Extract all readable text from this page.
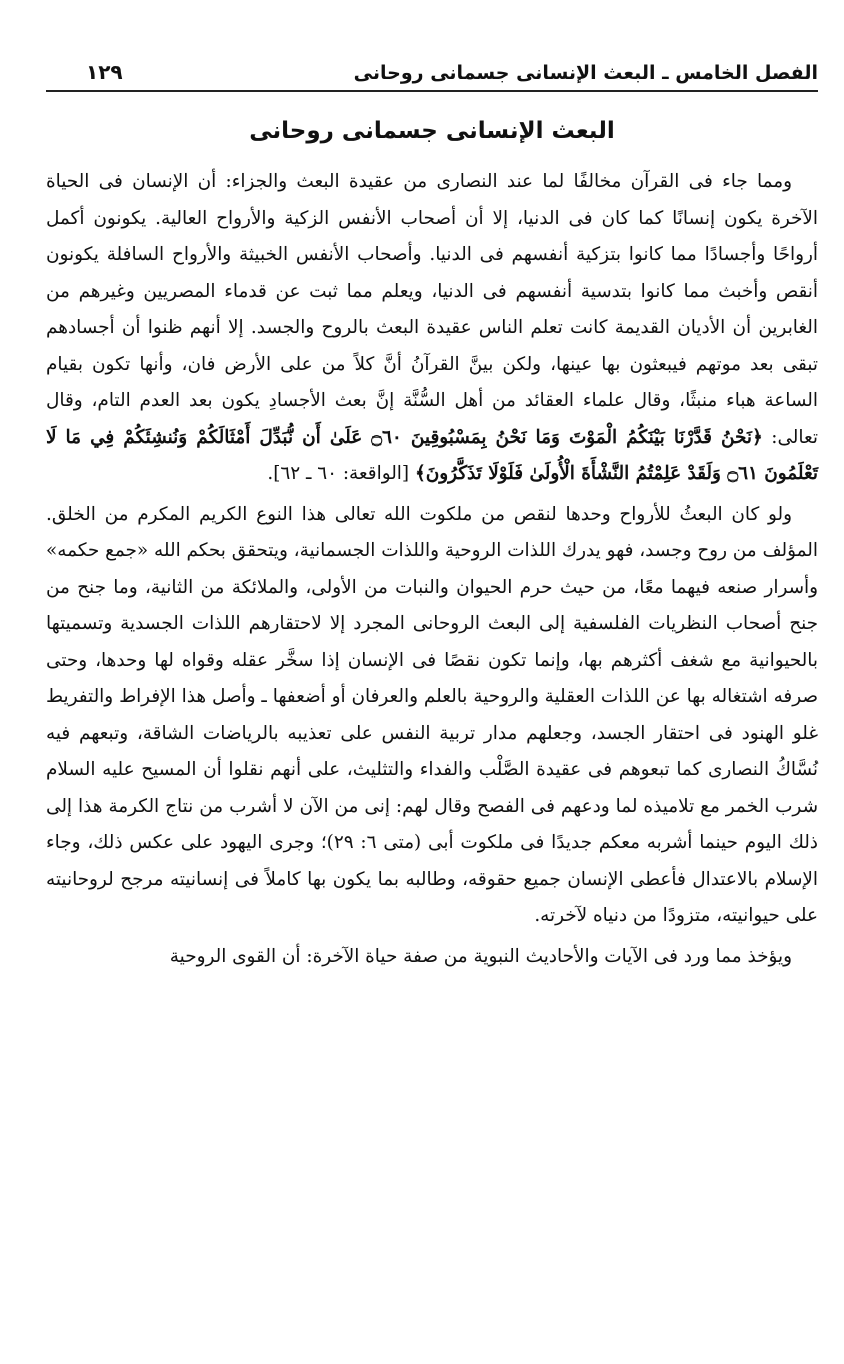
الفصل الخامس ـ البعث الإنسانى جسمانى روحانى
١٢٩
البعث الإنسانى جسمانى روحانى

ومما جاء فى القرآن مخالفًا لما عند النصارى من عقيدة البعث والجزاء: أن الإنسان فى الحياة الآخرة يكون إنسانًا كما كان فى الدنيا، إلا أن أصحاب الأنفس الزكية والأرواح العالية. يكونون أكمل أرواحًا وأجسادًا مما كانوا بتزكية أنفسهم فى الدنيا. وأصحاب الأنفس الخبيثة والأرواح السافلة يكونون أنقص وأخبث مما كانوا بتدسية أنفسهم فى الدنيا، ويعلم مما ثبت عن قدماء المصريين وغيرهم من الغابرين أن الأديان القديمة كانت تعلم الناس عقيدة البعث بالروح والجسد. إلا أنهم ظنوا أن أجسادهم تبقى بعد موتهم فيبعثون بها عينها، ولكن بينَّ القرآنُ أنَّ كلاً من على الأرض فان، وأنها تكون بقيام الساعة هباء منبثًا، وقال علماء العقائد من أهل السُّنَّة إنَّ بعث الأجسادِ يكون بعد العدم التام، وقال تعالى: ﴿نَحْنُ قَدَّرْنَا بَيْنَكُمُ الْمَوْتَ وَمَا نَحْنُ بِمَسْبُوقِينَ ۝٦٠ عَلَىٰ أَن نُّبَدِّلَ أَمْثَالَكُمْ وَنُنشِئَكُمْ فِي مَا لَا تَعْلَمُونَ ۝٦١ وَلَقَدْ عَلِمْتُمُ النَّشْأَةَ الْأُولَىٰ فَلَوْلَا تَذَكَّرُونَ﴾ [الواقعة: ٦٠ ـ ٦٢].

ولو كان البعثُ للأرواح وحدها لنقص من ملكوت الله تعالى هذا النوع الكريم المكرم من الخلق. المؤلف من روح وجسد، فهو يدرك اللذات الروحية واللذات الجسمانية، ويتحقق بحكم الله «جمع حكمه» وأسرار صنعه فيهما معًا، من حيث حرم الحيوان والنبات من الأولى، والملائكة من الثانية، وما جنح من جنح أصحاب النظريات الفلسفية إلى البعث الروحانى المجرد إلا لاحتقارهم اللذات الجسدية وتسميتها بالحيوانية مع شغف أكثرهم بها، وإنما تكون نقصًا فى الإنسان إذا سخَّر عقله وقواه لها وحدها، وحتى صرفه اشتغاله بها عن اللذات العقلية والروحية بالعلم والعرفان أو أضعفها ـ وأصل هذا الإفراط والتفريط غلو الهنود فى احتقار الجسد، وجعلهم مدار تربية النفس على تعذيبه بالرياضات الشاقة، وتبعهم فيه نُسَّاكُ النصارى كما تبعوهم فى عقيدة الصَّلْب والفداء والتثليث، على أنهم نقلوا أن المسيح عليه السلام شرب الخمر مع تلاميذه لما ودعهم فى الفصح وقال لهم: إنى من الآن لا أشرب من نتاج الكرمة هذا إلى ذلك اليوم حينما أشربه معكم جديدًا فى ملكوت أبى (متى ٦: ٢٩)؛ وجرى اليهود على عكس ذلك، وجاء الإسلام بالاعتدال فأعطى الإنسان جميع حقوقه، وطالبه بما يكون بها كاملاً فى إنسانيته مرجح لروحانيته على حيوانيته، متزودًا من دنياه لآخرته.

ويؤخذ مما ورد فى الآيات والأحاديث النبوية من صفة حياة الآخرة: أن القوى الروحية
